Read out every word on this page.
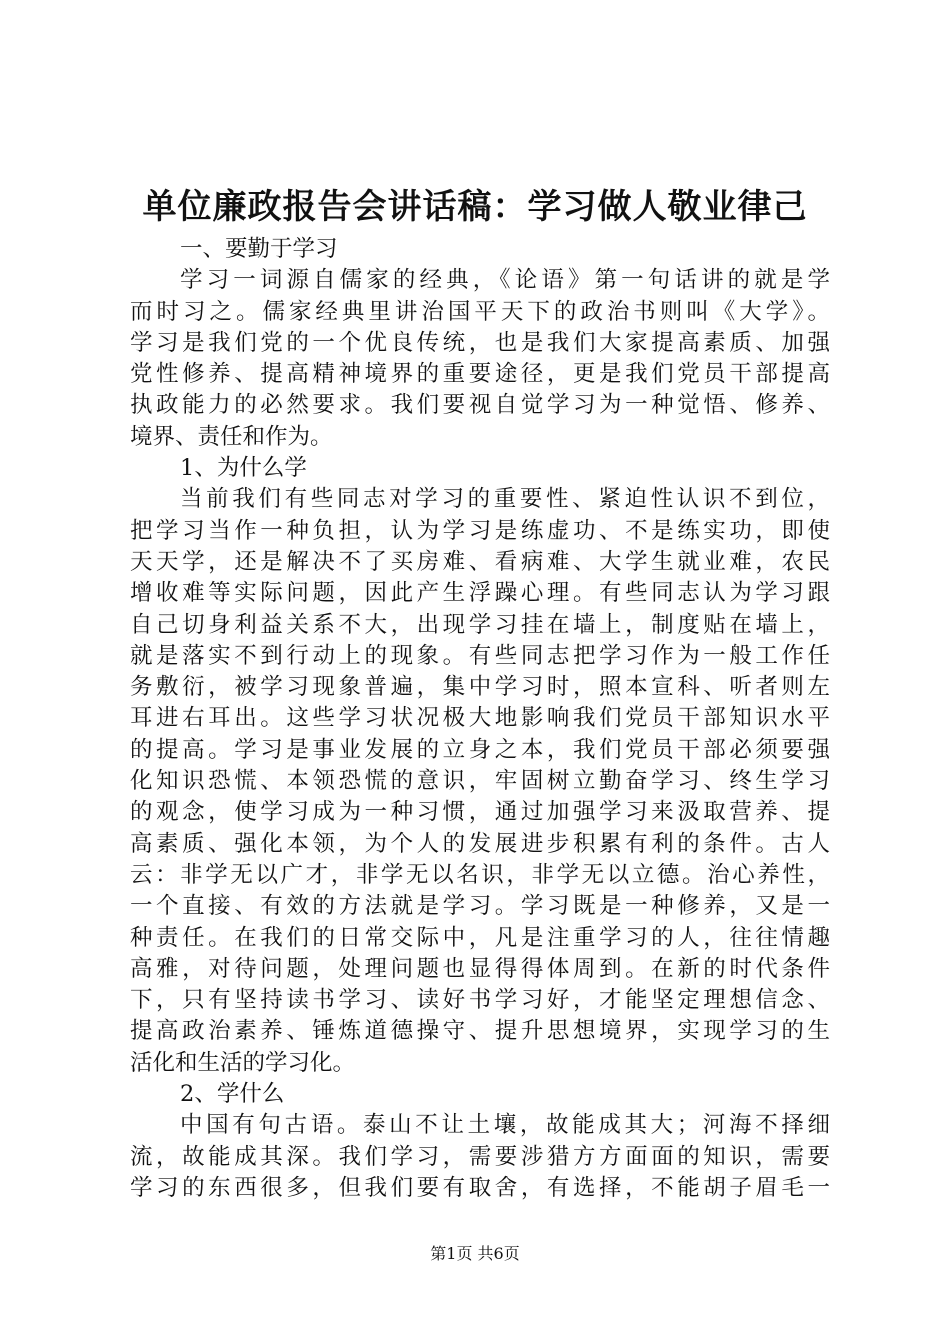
单位廉政报告会讲话稿：学习做人敬业律己
一、要勤于学习
学习一词源自儒家的经典，《论语》第一句话讲的就是学
而时习之。儒家经典里讲治国平天下的政治书则叫《大学》。
学习是我们党的一个优良传统，也是我们大家提高素质、加强
党性修养、提高精神境界的重要途径，更是我们党员干部提高
执政能力的必然要求。我们要视自觉学习为一种觉悟、修养、
境界、责任和作为。
1、为什么学
当前我们有些同志对学习的重要性、紧迫性认识不到位，
把学习当作一种负担，认为学习是练虚功、不是练实功，即使
天天学，还是解决不了买房难、看病难、大学生就业难，农民
增收难等实际问题，因此产生浮躁心理。有些同志认为学习跟
自己切身利益关系不大，出现学习挂在墙上，制度贴在墙上，
就是落实不到行动上的现象。有些同志把学习作为一般工作任
务敷衍，被学习现象普遍，集中学习时，照本宣科、听者则左
耳进右耳出。这些学习状况极大地影响我们党员干部知识水平
的提高。学习是事业发展的立身之本，我们党员干部必须要强
化知识恐慌、本领恐慌的意识，牢固树立勤奋学习、终生学习
的观念，使学习成为一种习惯，通过加强学习来汲取营养、提
高素质、强化本领，为个人的发展进步积累有利的条件。古人
云：非学无以广才，非学无以名识，非学无以立德。治心养性，
一个直接、有效的方法就是学习。学习既是一种修养，又是一
种责任。在我们的日常交际中，凡是注重学习的人，往往情趣
高雅，对待问题，处理问题也显得得体周到。在新的时代条件
下，只有坚持读书学习、读好书学习好，才能坚定理想信念、
提高政治素养、锤炼道德操守、提升思想境界，实现学习的生
活化和生活的学习化。
2、学什么
中国有句古语。泰山不让土壤，故能成其大；河海不择细
流，故能成其深。我们学习，需要涉猎方方面面的知识，需要
学习的东西很多，但我们要有取舍，有选择，不能胡子眉毛一
第1页 共6页
